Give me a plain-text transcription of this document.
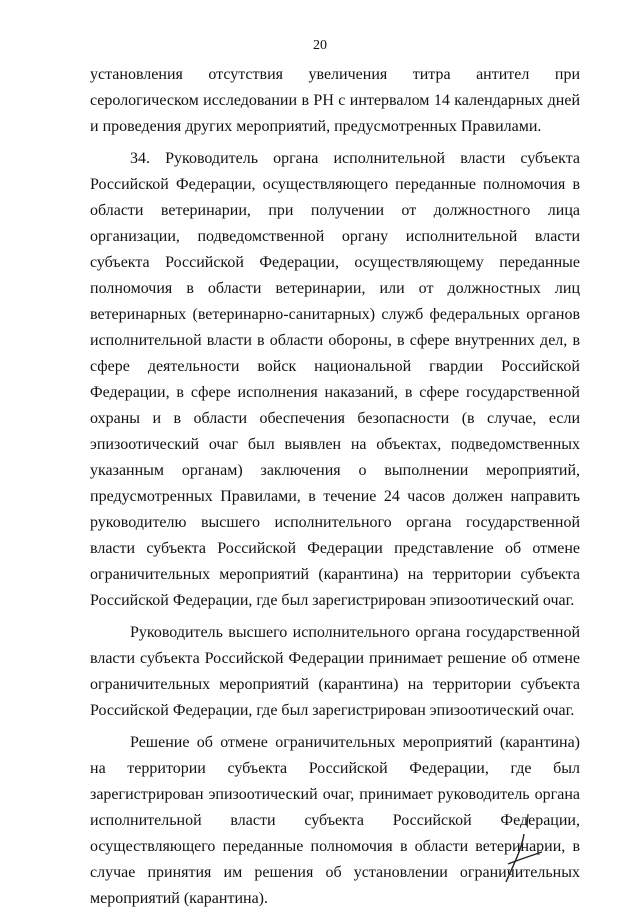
20

установления отсутствия увеличения титра антител при серологическом исследовании в РН с интервалом 14 календарных дней и проведения других мероприятий, предусмотренных Правилами.

34. Руководитель органа исполнительной власти субъекта Российской Федерации, осуществляющего переданные полномочия в области ветеринарии, при получении от должностного лица организации, подведомственной органу исполнительной власти субъекта Российской Федерации, осуществляющему переданные полномочия в области ветеринарии, или от должностных лиц ветеринарных (ветеринарно-санитарных) служб федеральных органов исполнительной власти в области обороны, в сфере внутренних дел, в сфере деятельности войск национальной гвардии Российской Федерации, в сфере исполнения наказаний, в сфере государственной охраны и в области обеспечения безопасности (в случае, если эпизоотический очаг был выявлен на объектах, подведомственных указанным органам) заключения о выполнении мероприятий, предусмотренных Правилами, в течение 24 часов должен направить руководителю высшего исполнительного органа государственной власти субъекта Российской Федерации представление об отмене ограничительных мероприятий (карантина) на территории субъекта Российской Федерации, где был зарегистрирован эпизоотический очаг.

Руководитель высшего исполнительного органа государственной власти субъекта Российской Федерации принимает решение об отмене ограничительных мероприятий (карантина) на территории субъекта Российской Федерации, где был зарегистрирован эпизоотический очаг.

Решение об отмене ограничительных мероприятий (карантина) на территории субъекта Российской Федерации, где был зарегистрирован эпизоотический очаг, принимает руководитель органа исполнительной власти субъекта Российской Федерации, осуществляющего переданные полномочия в области ветеринарии, в случае принятия им решения об установлении ограничительных мероприятий (карантина).
